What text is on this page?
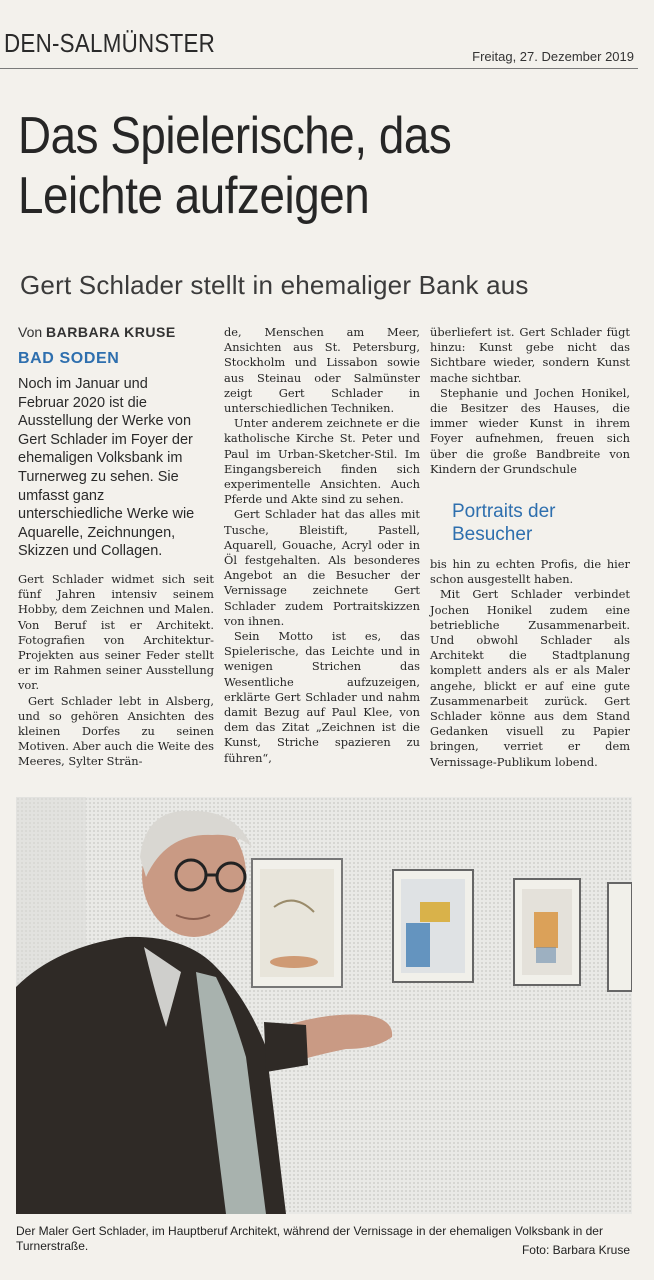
DEN-SALMÜNSTER	Freitag, 27. Dezember 2019
Das Spielerische, das
Leichte aufzeigen
Gert Schlader stellt in ehemaliger Bank aus
Von BARBARA KRUSE
BAD SODEN
Noch im Januar und Februar 2020 ist die Ausstellung der Werke von Gert Schlader im Foyer der ehemaligen Volksbank im Turnerweg zu sehen. Sie umfasst ganz unterschiedliche Werke wie Aquarelle, Zeichnungen, Skizzen und Collagen.

Gert Schlader widmet sich seit fünf Jahren intensiv seinem Hobby, dem Zeichnen und Malen. Von Beruf ist er Architekt. Fotografien von Architektur-Projekten aus seiner Feder stellt er im Rahmen seiner Ausstellung vor.

Gert Schlader lebt in Alsberg, und so gehören Ansichten des kleinen Dorfes zu seinen Motiven. Aber auch die Weite des Meeres, Sylter Strän-

de, Menschen am Meer, Ansichten aus St. Petersburg, Stockholm und Lissabon sowie aus Steinau oder Salmünster zeigt Gert Schlader in unterschiedlichen Techniken.

Unter anderem zeichnete er die katholische Kirche St. Peter und Paul im Urban-Sketcher-Stil. Im Eingangsbereich finden sich experimentelle Ansichten. Auch Pferde und Akte sind zu sehen.

Gert Schlader hat das alles mit Tusche, Bleistift, Pastell, Aquarell, Gouache, Acryl oder in Öl festgehalten. Als besonderes Angebot an die Besucher der Vernissage zeichnete Gert Schlader zudem Portraitskizzen von ihnen.

Sein Motto ist es, das Spielerische, das Leichte und in wenigen Strichen das Wesentliche aufzuzeigen, erklärte Gert Schlader und nahm damit Bezug auf Paul Klee, von dem das Zitat „Zeichnen ist die Kunst, Striche spazieren zu führen“,

überliefert ist. Gert Schlader fügt hinzu: Kunst gebe nicht das Sichtbare wieder, sondern Kunst mache sichtbar.

Stephanie und Jochen Honikel, die Besitzer des Hauses, die immer wieder Kunst in ihrem Foyer aufnehmen, freuen sich über die große Bandbreite von Kindern der Grundschule

Portraits der
Besucher

bis hin zu echten Profis, die hier schon ausgestellt haben.

Mit Gert Schlader verbindet Jochen Honikel zudem eine betriebliche Zusammenarbeit. Und obwohl Schlader als Architekt die Stadtplanung komplett anders als er als Maler angehe, blickt er auf eine gute Zusammenarbeit zurück. Gert Schlader könne aus dem Stand Gedanken visuell zu Papier bringen, verriet er dem Vernissage-Publikum lobend.

Der Maler Gert Schlader, im Hauptberuf Architekt, während der Vernissage in der ehemaligen Volksbank in der Turnerstraße.	Foto: Barbara Kruse
